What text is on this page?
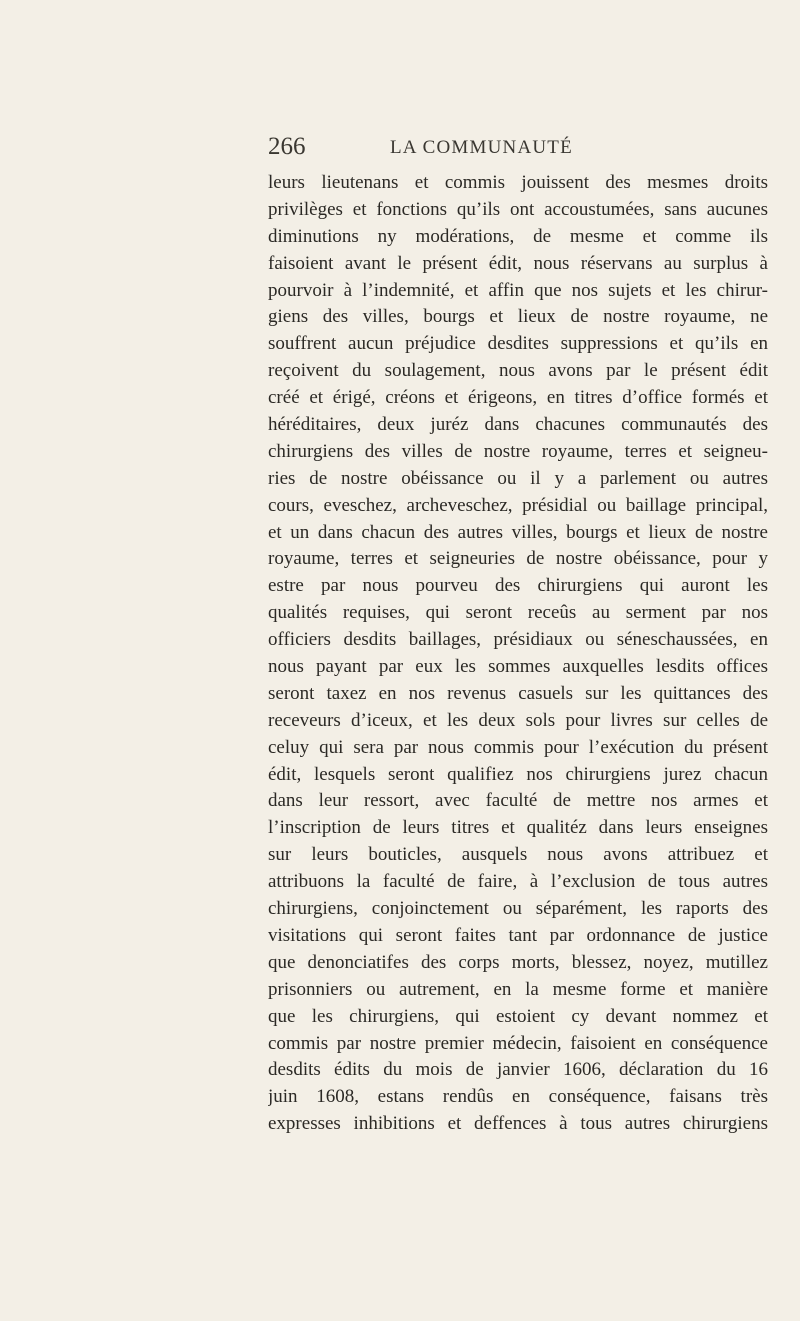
266	LA COMMUNAUTÉ
leurs lieutenans et commis jouissent des mesmes droits
privilèges et fonctions qu’ils ont accoustumées, sans aucunes
diminutions ny modérations, de mesme et comme ils
faisoient avant le présent édit, nous réservans au surplus à
pourvoir à l’indemnité, et affin que nos sujets et les chirur-
giens des villes, bourgs et lieux de nostre royaume, ne
souffrent aucun préjudice desdites suppressions et qu’ils en
reçoivent du soulagement, nous avons par le présent édit
créé et érigé, créons et érigeons, en titres d’office formés et
héréditaires, deux juréz dans chacunes communautés des
chirurgiens des villes de nostre royaume, terres et seigneu-
ries de nostre obéissance ou il y a parlement ou autres
cours, eveschez, archeveschez, présidial ou baillage principal,
et un dans chacun des autres villes, bourgs et lieux de nostre
royaume, terres et seigneuries de nostre obéissance, pour y
estre par nous pourveu des chirurgiens qui auront les
qualités requises, qui seront receûs au serment par nos
officiers desdits baillages, présidiaux ou séneschaussées, en
nous payant par eux les sommes auxquelles lesdits offices
seront taxez en nos revenus casuels sur les quittances des
receveurs d’iceux, et les deux sols pour livres sur celles de
celuy qui sera par nous commis pour l’exécution du présent
édit, lesquels seront qualifiez nos chirurgiens jurez chacun
dans leur ressort, avec faculté de mettre nos armes et
l’inscription de leurs titres et qualitéz dans leurs enseignes
sur leurs bouticles, ausquels nous avons attribuez et
attribuons la faculté de faire, à l’exclusion de tous autres
chirurgiens, conjoinctement ou séparément, les raports des
visitations qui seront faites tant par ordonnance de justice
que denonciatifes des corps morts, blessez, noyez, mutillez
prisonniers ou autrement, en la mesme forme et manière
que les chirurgiens, qui estoient cy devant nommez et
commis par nostre premier médecin, faisoient en conséquence
desdits édits du mois de janvier 1606, déclaration du 16
juin 1608, estans rendûs en conséquence, faisans très
expresses inhibitions et deffences à tous autres chirurgiens
